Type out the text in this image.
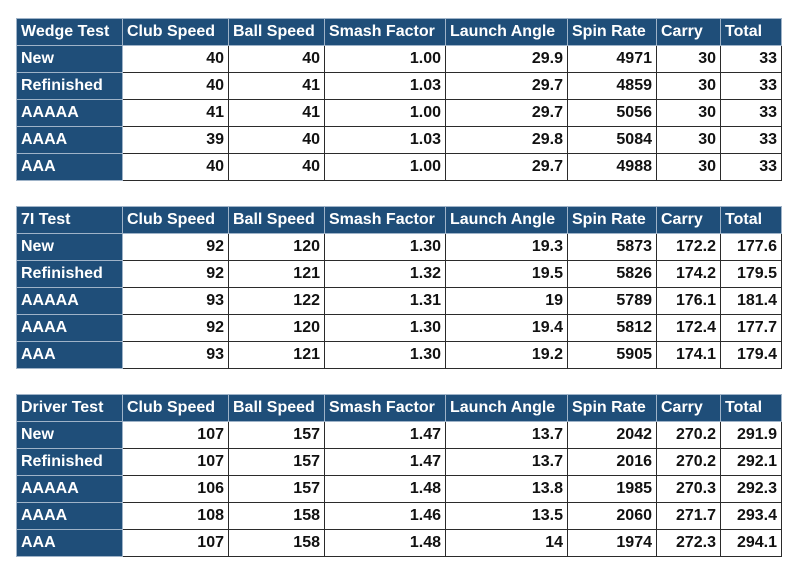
Wedge Test	Club Speed	Ball Speed	Smash Factor	Launch Angle	Spin Rate	Carry	Total
New	40	40	1.00	29.9	4971	30	33
Refinished	40	41	1.03	29.7	4859	30	33
AAAAA	41	41	1.00	29.7	5056	30	33
AAAA	39	40	1.03	29.8	5084	30	33
AAA	40	40	1.00	29.7	4988	30	33
7I Test	Club Speed	Ball Speed	Smash Factor	Launch Angle	Spin Rate	Carry	Total
New	92	120	1.30	19.3	5873	172.2	177.6
Refinished	92	121	1.32	19.5	5826	174.2	179.5
AAAAA	93	122	1.31	19	5789	176.1	181.4
AAAA	92	120	1.30	19.4	5812	172.4	177.7
AAA	93	121	1.30	19.2	5905	174.1	179.4
Driver Test	Club Speed	Ball Speed	Smash Factor	Launch Angle	Spin Rate	Carry	Total
New	107	157	1.47	13.7	2042	270.2	291.9
Refinished	107	157	1.47	13.7	2016	270.2	292.1
AAAAA	106	157	1.48	13.8	1985	270.3	292.3
AAAA	108	158	1.46	13.5	2060	271.7	293.4
AAA	107	158	1.48	14	1974	272.3	294.1
